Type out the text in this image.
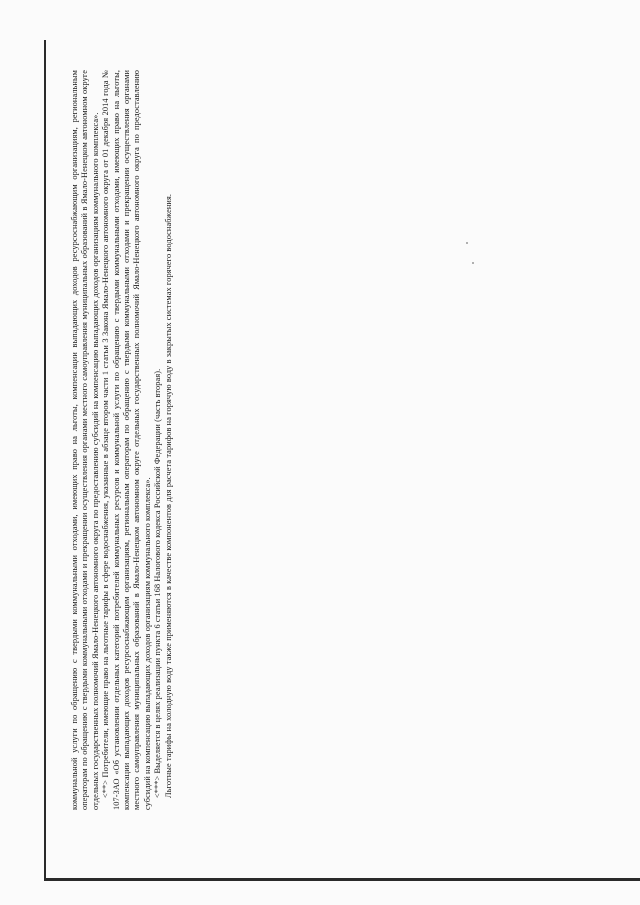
коммунальной услуги по обращению с твердыми коммунальными отходами, имеющих право на льготы, компенсации выпадающих доходов ресурсоснабжающим организациям, региональным операторам по обращению с твердыми коммунальными отходами и прекращении осуществления органами местного самоуправления муниципальных образований в Ямало-Ненецком автономном округе отдельных государственных полномочий Ямало-Ненецкого автономного округа по предоставлению субсидий на компенсацию выпадающих доходов организациям коммунального комплекса». <**> Потребители, имеющие право на льготные тарифы в сфере водоснабжения, указанные в абзаце втором части 1 статьи 3 Закона Ямало-Ненецкого автономного округа от 01 декабря 2014 года № 107-ЗАО «Об установлении отдельных категорий потребителей коммунальных ресурсов и коммунальной услуги по обращению с твердыми коммунальными отходами, имеющих право на льготы, компенсации выпадающих доходов ресурсоснабжающим организациям, региональным операторам по обращению с твердыми коммунальными отходами и прекращении осуществления органами местного самоуправления муниципальных образований в Ямало-Ненецком автономном округе отдельных государственных полномочий Ямало-Ненецкого автономного округа по предоставлению субсидий на компенсацию выпадающих доходов организациям коммунального комплекса». <***> Выделяется в целях реализации пункта 6 статьи 168 Налогового кодекса Российской Федерации (часть вторая). Льготные тарифы на холодную воду также применяются в качестве компонентов для расчета тарифов на горячую воду в закрытых системах горячего водоснабжения.
